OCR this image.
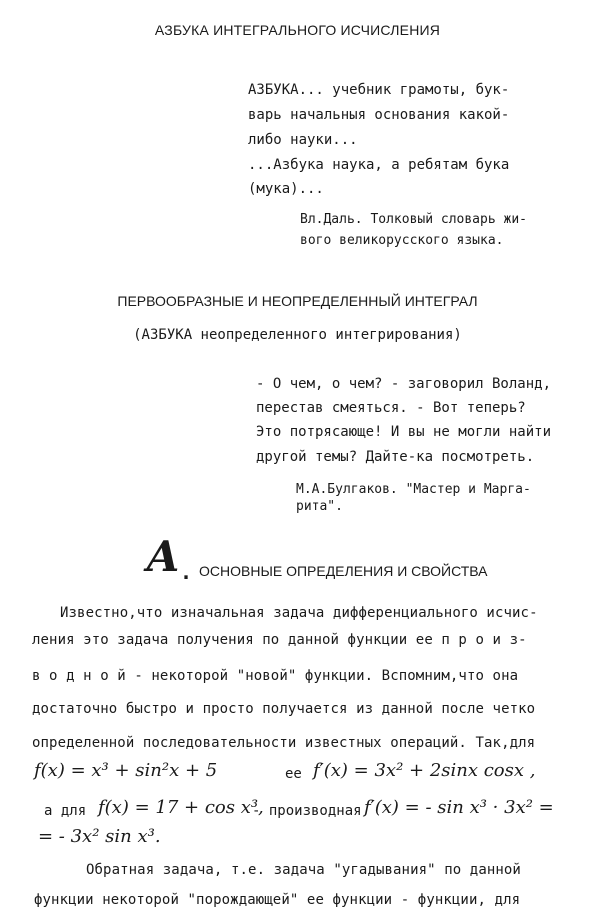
АЗБУКА ИНТЕГРАЛЬНОГО ИСЧИСЛЕНИЯ
АЗБУКА... учебник грамоты, бук-
варь начальныя основания какой-
либо науки...
...Азбука наука, а ребятам бука
(мука)...
Вл.Даль. Толковый словарь жи-
вого великорусского языка.
ПЕРВООБРАЗНЫЕ И НЕОПРЕДЕЛЕННЫЙ ИНТЕГРАЛ
(АЗБУКА неопределенного интегрирования)
- О чем, о чем? - заговорил Воланд,
перестав смеяться. - Вот теперь?
Это потрясающе! И вы не могли найти
другой темы? Дайте-ка посмотреть.
М.А.Булгаков. "Мастер и Марга-
рита".
А . ОСНОВНЫЕ ОПРЕДЕЛЕНИЯ И СВОЙСТВА
Известно,что изначальная задача дифференциального исчис-
ления это задача получения по данной функции ее п р о и з-
в о д н о й - некоторой "новой" функции. Вспомним,что она
достаточно быстро и просто получается из данной после четко
определенной последовательности известных операций. Так,для
f(x) = x³ + sin²x + 5	ее f′(x) = 3x² + 2sinx cosx ,
а для f(x) = 17 + cos x³,
- производная f′(x) = - sin x³ · 3x² =
= - 3x² sin x³.
Обратная задача, т.е. задача "угадывания" по данной
функции некоторой "порождающей" ее функции - функции, для
